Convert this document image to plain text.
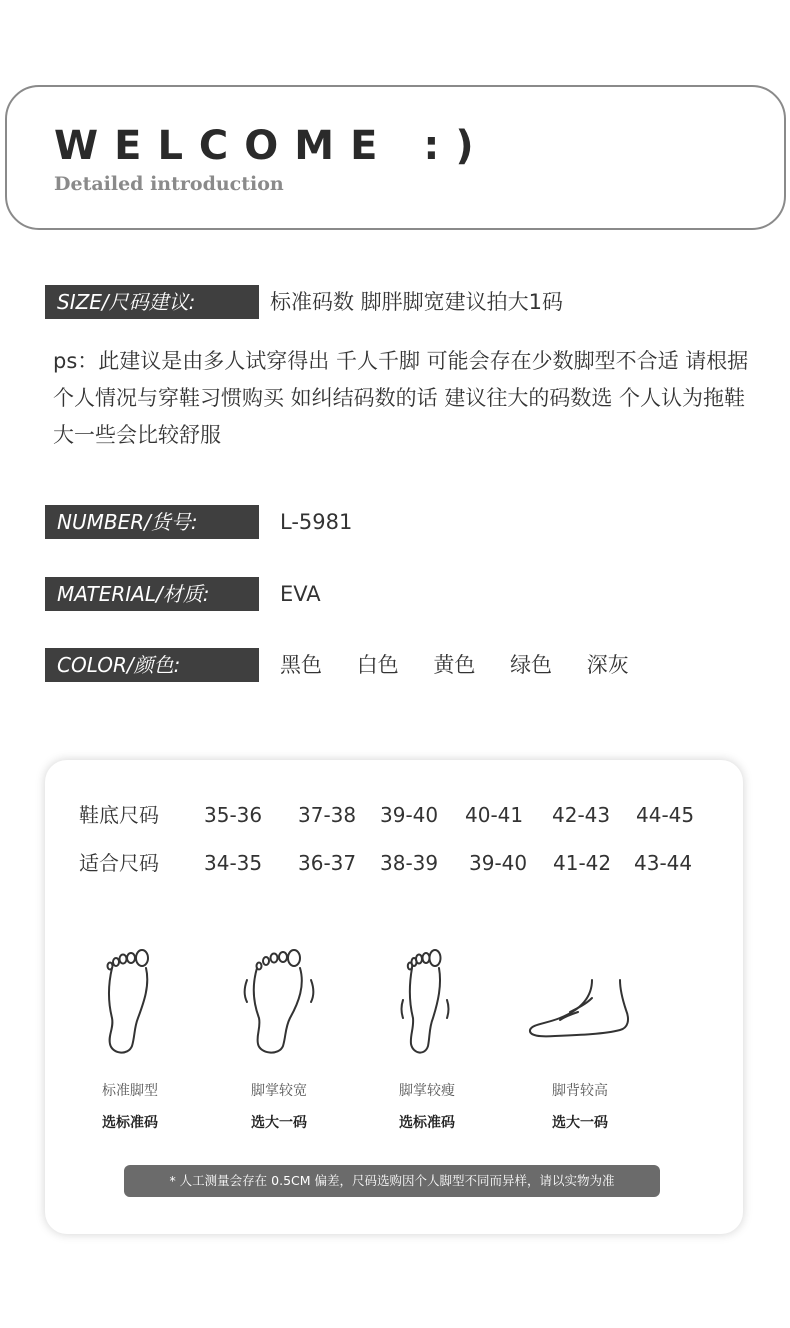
WELCOME :)
Detailed introduction
SIZE/尺码建议:	标准码数 脚胖脚宽建议拍大1码
ps：此建议是由多人试穿得出 千人千脚 可能会存在少数脚型不合适 请根据个人情况与穿鞋习惯购买 如纠结码数的话 建议往大的码数选 个人认为拖鞋大一些会比较舒服
NUMBER/货号:	L-5981
MATERIAL/材质:	EVA
COLOR/颜色:	黑色 白色 黄色 绿色 深灰
鞋底尺码 35-36 37-38 39-40 40-41 42-43 44-45
适合尺码 34-35 36-37 38-39 39-40 41-42 43-44
标准脚型
选标准码
脚掌较宽
选大一码
脚掌较瘦
选标准码
脚背较高
选大一码
* 人工测量会存在 0.5CM 偏差，尺码选购因个人脚型不同而异样，请以实物为准
